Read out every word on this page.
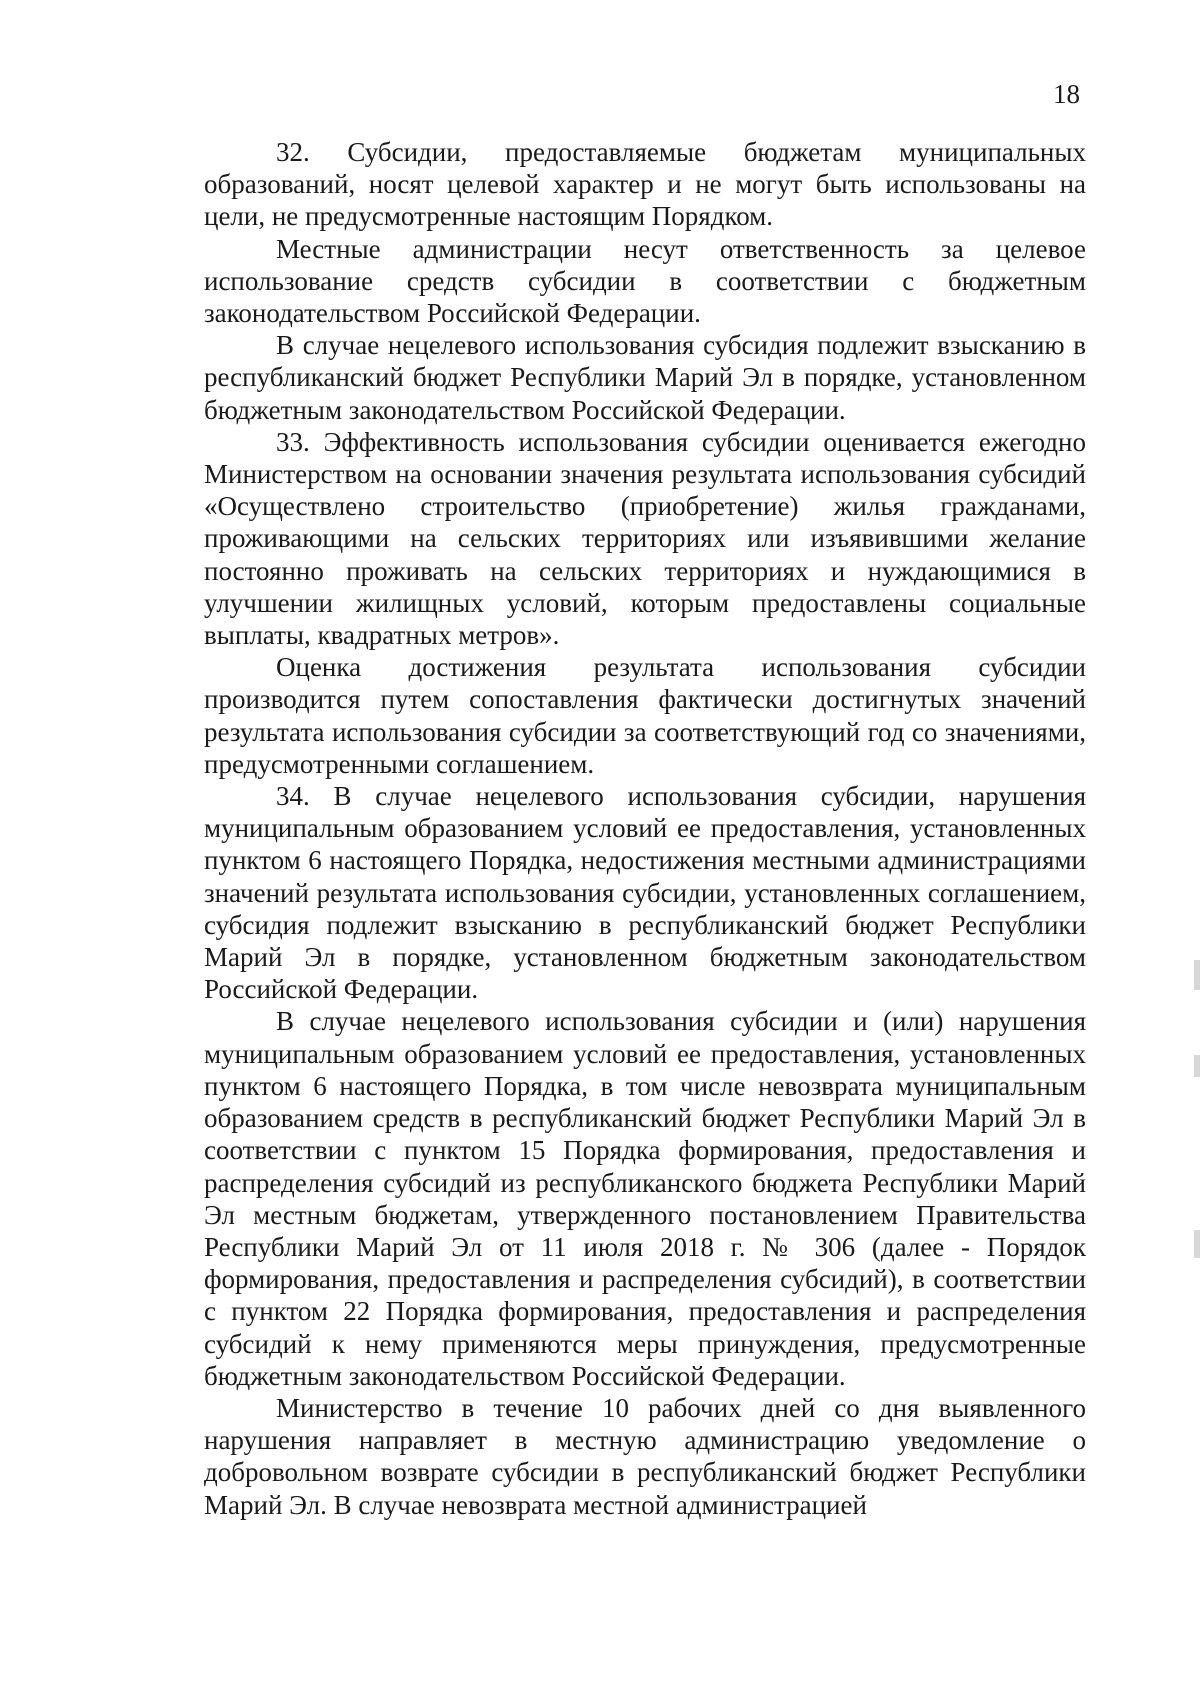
18

32. Субсидии, предоставляемые бюджетам муниципальных образований, носят целевой характер и не могут быть использованы на цели, не предусмотренные настоящим Порядком.

Местные администрации несут ответственность за целевое использование средств субсидии в соответствии с бюджетным законодательством Российской Федерации.

В случае нецелевого использования субсидия подлежит взысканию в республиканский бюджет Республики Марий Эл в порядке, установленном бюджетным законодательством Российской Федерации.

33. Эффективность использования субсидии оценивается ежегодно Министерством на основании значения результата использования субсидий «Осуществлено строительство (приобретение) жилья гражданами, проживающими на сельских территориях или изъявившими желание постоянно проживать на сельских территориях и нуждающимися в улучшении жилищных условий, которым предоставлены социальные выплаты, квадратных метров».

Оценка достижения результата использования субсидии производится путем сопоставления фактически достигнутых значений результата использования субсидии за соответствующий год со значениями, предусмотренными соглашением.

34. В случае нецелевого использования субсидии, нарушения муниципальным образованием условий ее предоставления, установленных пунктом 6 настоящего Порядка, недостижения местными администрациями значений результата использования субсидии, установленных соглашением, субсидия подлежит взысканию в республиканский бюджет Республики Марий Эл в порядке, установленном бюджетным законодательством Российской Федерации.

В случае нецелевого использования субсидии и (или) нарушения муниципальным образованием условий ее предоставления, установленных пунктом 6 настоящего Порядка, в том числе невозврата муниципальным образованием средств в республиканский бюджет Республики Марий Эл в соответствии с пунктом 15 Порядка формирования, предоставления и распределения субсидий из республиканского бюджета Республики Марий Эл местным бюджетам, утвержденного постановлением Правительства Республики Марий Эл от 11 июля 2018 г. № 306 (далее - Порядок формирования, предоставления и распределения субсидий), в соответствии с пунктом 22 Порядка формирования, предоставления и распределения субсидий к нему применяются меры принуждения, предусмотренные бюджетным законодательством Российской Федерации.

Министерство в течение 10 рабочих дней со дня выявленного нарушения направляет в местную администрацию уведомление о добровольном возврате субсидии в республиканский бюджет Республики Марий Эл. В случае невозврата местной администрацией
